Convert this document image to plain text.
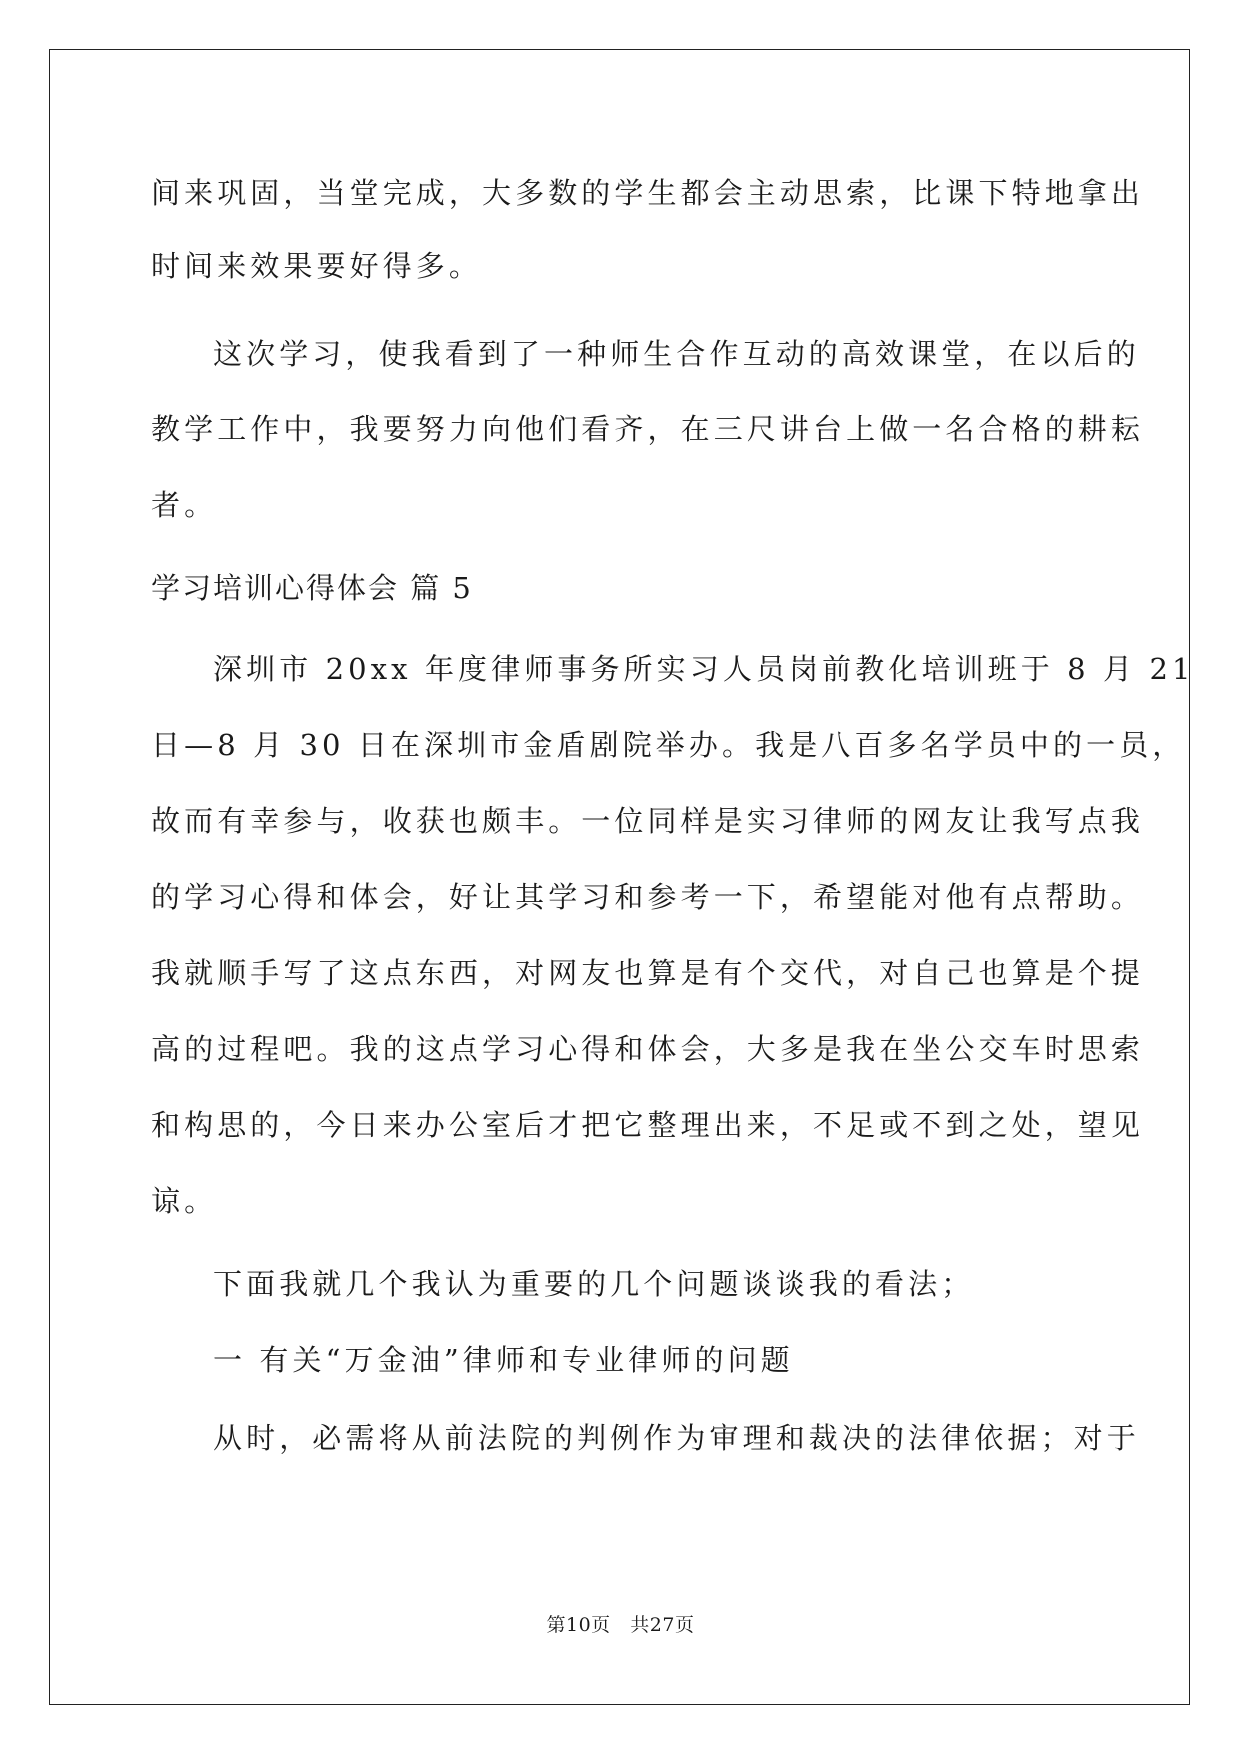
间来巩固，当堂完成，大多数的学生都会主动思索，比课下特地拿出
时间来效果要好得多。
这次学习，使我看到了一种师生合作互动的高效课堂，在以后的
教学工作中，我要努力向他们看齐，在三尺讲台上做一名合格的耕耘
者。
学习培训心得体会 篇 5
深圳市 20xx 年度律师事务所实习人员岗前教化培训班于 8 月 21
日—8 月 30 日在深圳市金盾剧院举办。我是八百多名学员中的一员，
故而有幸参与，收获也颇丰。一位同样是实习律师的网友让我写点我
的学习心得和体会，好让其学习和参考一下，希望能对他有点帮助。
我就顺手写了这点东西，对网友也算是有个交代，对自己也算是个提
高的过程吧。我的这点学习心得和体会，大多是我在坐公交车时思索
和构思的，今日来办公室后才把它整理出来，不足或不到之处，望见
谅。
下面我就几个我认为重要的几个问题谈谈我的看法；
一 有关“万金油”律师和专业律师的问题
从时，必需将从前法院的判例作为审理和裁决的法律依据；对于
第10页   共27页
